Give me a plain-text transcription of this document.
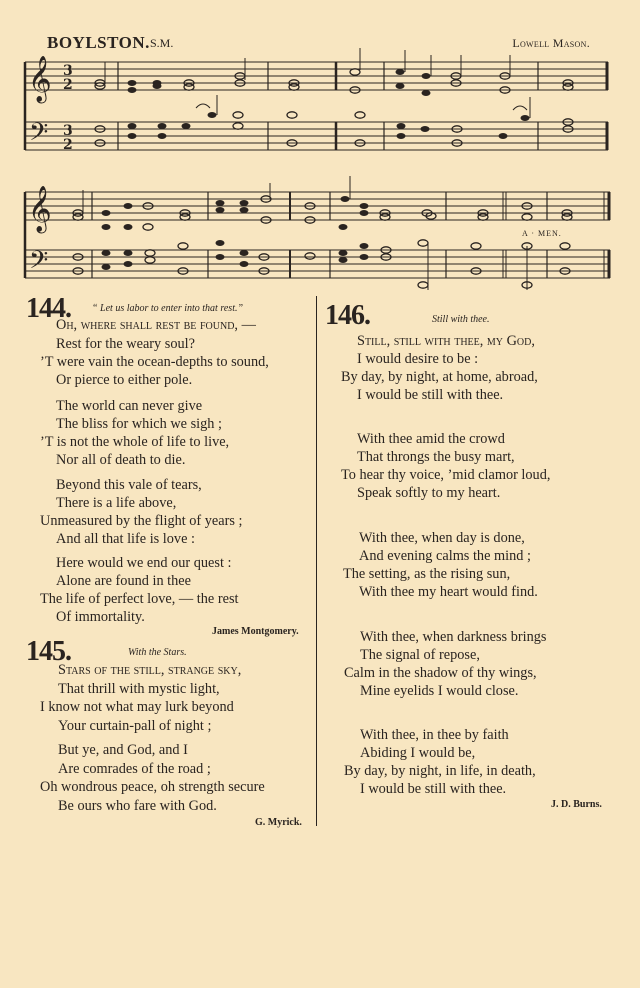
BOYLSTON. S.M.	Lowell Mason.
𝄞
𝄢
𝄞
𝄢
3
2
3
2
A · MEN.
144. “ Let us labor to enter into that rest.”
Oh, where shall rest be found, —
Rest for the weary soul?
’T were vain the ocean-depths to sound,
Or pierce to either pole.
The world can never give
The bliss for which we sigh ;
’T is not the whole of life to live,
Nor all of death to die.
Beyond this vale of tears,
There is a life above,
Unmeasured by the flight of years ;
And all that life is love :
Here would we end our quest :
Alone are found in thee
The life of perfect love, — the rest
Of immortality.
James Montgomery.
145.	With the Stars.
Stars of the still, strange sky,
That thrill with mystic light,
I know not what may lurk beyond
Your curtain-pall of night ;
But ye, and God, and I
Are comrades of the road ;
Oh wondrous peace, oh strength secure
Be ours who fare with God.
G. Myrick.
146.	Still with thee.
Still, still with thee, my God,
I would desire to be :
By day, by night, at home, abroad,
I would be still with thee.
With thee amid the crowd
That throngs the busy mart,
To hear thy voice, ’mid clamor loud,
Speak softly to my heart.
With thee, when day is done,
And evening calms the mind ;
The setting, as the rising sun,
With thee my heart would find.
With thee, when darkness brings
The signal of repose,
Calm in the shadow of thy wings,
Mine eyelids I would close.
With thee, in thee by faith
Abiding I would be,
By day, by night, in life, in death,
I would be still with thee.
J. D. Burns.
